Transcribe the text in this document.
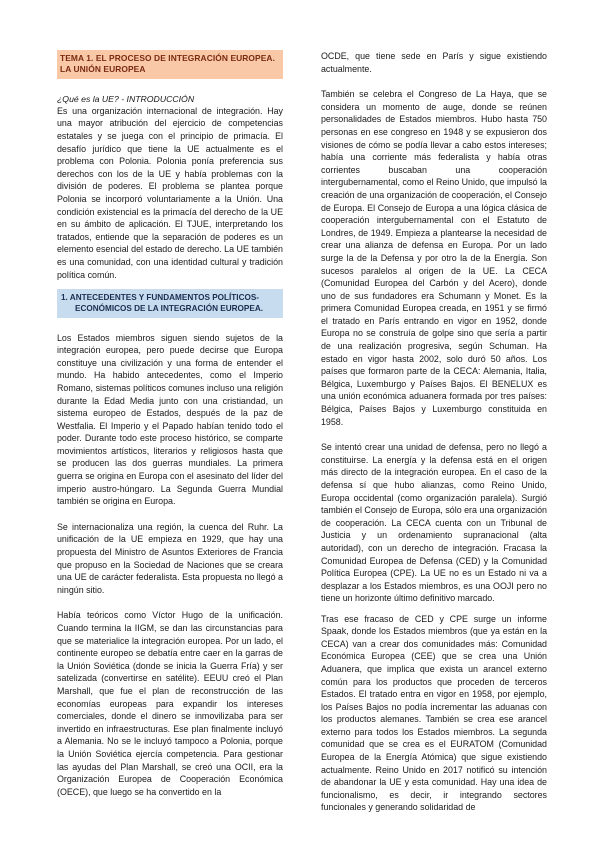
TEMA 1. EL PROCESO DE INTEGRACIÓN EUROPEA. LA UNIÓN EUROPEA
¿Qué es la UE? - INTRODUCCIÓN

Es una organización internacional de integración. Hay una mayor atribución del ejercicio de competencias estatales y se juega con el principio de primacía. El desafío jurídico que tiene la UE actualmente es el problema con Polonia. Polonia ponía preferencia sus derechos con los de la UE y había problemas con la división de poderes. El problema se plantea porque Polonia se incorporó voluntariamente a la Unión. Una condición existencial es la primacía del derecho de la UE en su ámbito de aplicación. El TJUE, interpretando los tratados, entiende que la separación de poderes es un elemento esencial del estado de derecho. La UE también es una comunidad, con una identidad cultural y tradición política común.

1. ANTECEDENTES Y FUNDAMENTOS POLÍTICOS-ECONÓMICOS DE LA INTEGRACIÓN EUROPEA.

Los Estados miembros siguen siendo sujetos de la integración europea, pero puede decirse que Europa constituye una civilización y una forma de entender el mundo. Ha habido antecedentes, como el Imperio Romano, sistemas políticos comunes incluso una religión durante la Edad Media junto con una cristiandad, un sistema europeo de Estados, después de la paz de Westfalia. El Imperio y el Papado habían tenido todo el poder. Durante todo este proceso histórico, se comparte movimientos artísticos, literarios y religiosos hasta que se producen las dos guerras mundiales. La primera guerra se origina en Europa con el asesinato del líder del imperio austro-húngaro. La Segunda Guerra Mundial también se origina en Europa.

Se internacionaliza una región, la cuenca del Ruhr. La unificación de la UE empieza en 1929, que hay una propuesta del Ministro de Asuntos Exteriores de Francia que propuso en la Sociedad de Naciones que se creara una UE de carácter federalista. Esta propuesta no llegó a ningún sitio.

Había teóricos como Víctor Hugo de la unificación. Cuando termina la IIGM, se dan las circunstancias para que se materialice la integración europea. Por un lado, el continente europeo se debatía entre caer en la garras de la Unión Soviética (donde se inicia la Guerra Fría) y ser satelizada (convertirse en satélite). EEUU creó el Plan Marshall, que fue el plan de reconstrucción de las economías europeas para expandir los intereses comerciales, donde el dinero se inmovilizaba para ser invertido en infraestructuras. Ese plan finalmente incluyó a Alemania. No se le incluyó tampoco a Polonia, porque la Unión Soviética ejercía competencia. Para gestionar las ayudas del Plan Marshall, se creó una OCII, era la Organización Europea de Cooperación Económica (OECE), que luego se ha convertido en la

OCDE, que tiene sede en París y sigue existiendo actualmente.

También se celebra el Congreso de La Haya, que se considera un momento de auge, donde se reúnen personalidades de Estados miembros. Hubo hasta 750 personas en ese congreso en 1948 y se expusieron dos visiones de cómo se podía llevar a cabo estos intereses; había una corriente más federalista y había otras corrientes buscaban una cooperación intergubernamental, como el Reino Unido, que impulsó la creación de una organización de cooperación, el Consejo de Europa. El Consejo de Europa a una lógica clásica de cooperación intergubernamental con el Estatuto de Londres, de 1949. Empieza a plantearse la necesidad de crear una alianza de defensa en Europa. Por un lado surge la de la Defensa y por otro la de la Energía. Son sucesos paralelos al origen de la UE. La CECA (Comunidad Europea del Carbón y del Acero), donde uno de sus fundadores era Schumann y Monet. Es la primera Comunidad Europea creada, en 1951 y se firmó el tratado en París entrando en vigor en 1952, donde Europa no se construía de golpe sino que sería a partir de una realización progresiva, según Schuman. Ha estado en vigor hasta 2002, solo duró 50 años. Los países que formaron parte de la CECA: Alemania, Italia, Bélgica, Luxemburgo y Países Bajos. El BENELUX es una unión económica aduanera formada por tres países: Bélgica, Países Bajos y Luxemburgo constituida en 1958.

Se intentó crear una unidad de defensa, pero no llegó a constituirse. La energía y la defensa está en el origen más directo de la integración europea. En el caso de la defensa sí que hubo alianzas, como Reino Unido, Europa occidental (como organización paralela). Surgió también el Consejo de Europa, sólo era una organización de cooperación. La CECA cuenta con un Tribunal de Justicia y un ordenamiento supranacional (alta autoridad), con un derecho de integración. Fracasa la Comunidad Europea de Defensa (CED) y la Comunidad Política Europea (CPE). La UE no es un Estado ni va a desplazar a los Estados miembros, es una OOJI pero no tiene un horizonte último definitivo marcado.

Tras ese fracaso de CED y CPE surge un informe Spaak, donde los Estados miembros (que ya están en la CECA) van a crear dos comunidades más: Comunidad Económica Europea (CEE) que se crea una Unión Aduanera, que implica que exista un arancel externo común para los productos que proceden de terceros Estados. El tratado entra en vigor en 1958, por ejemplo, los Países Bajos no podía incrementar las aduanas con los productos alemanes. También se crea ese arancel externo para todos los Estados miembros. La segunda comunidad que se crea es el EURATOM (Comunidad Europea de la Energía Atómica) que sigue existiendo actualmente. Reino Unido en 2017 notificó su intención de abandonar la UE y esta comunidad. Hay una idea de funcionalismo, es decir, ir integrando sectores funcionales y generando solidaridad de
